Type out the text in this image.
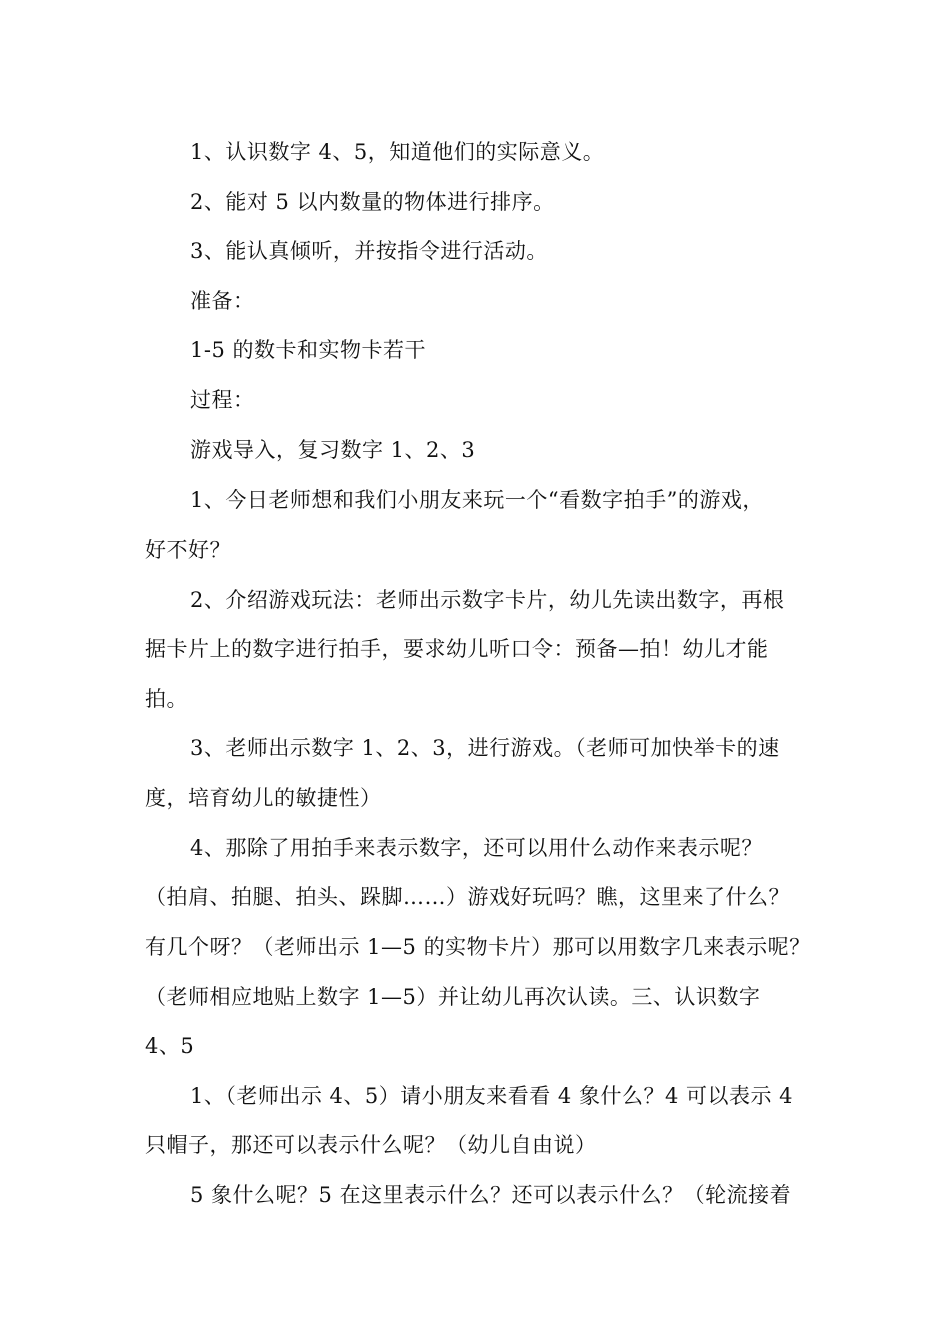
1、认识数字 4、5，知道他们的实际意义。
2、能对 5 以内数量的物体进行排序。
3、能认真倾听，并按指令进行活动。
准备：
1-5 的数卡和实物卡若干
过程：
游戏导入，复习数字 1、2、3
1、今日老师想和我们小朋友来玩一个“看数字拍手”的游戏，
好不好？
2、介绍游戏玩法：老师出示数字卡片，幼儿先读出数字，再根
据卡片上的数字进行拍手，要求幼儿听口令：预备—拍！幼儿才能
拍。
3、老师出示数字 1、2、3，进行游戏。（老师可加快举卡的速
度，培育幼儿的敏捷性）
4、那除了用拍手来表示数字，还可以用什么动作来表示呢？
（拍肩、拍腿、拍头、跺脚……）游戏好玩吗？瞧，这里来了什么？
有几个呀？（老师出示 1—5 的实物卡片）那可以用数字几来表示呢？
（老师相应地贴上数字 1—5）并让幼儿再次认读。三、认识数字
4、5
1、（老师出示 4、5）请小朋友来看看 4 象什么？4 可以表示 4
只帽子，那还可以表示什么呢？（幼儿自由说）
5 象什么呢？5 在这里表示什么？还可以表示什么？（轮流接着
